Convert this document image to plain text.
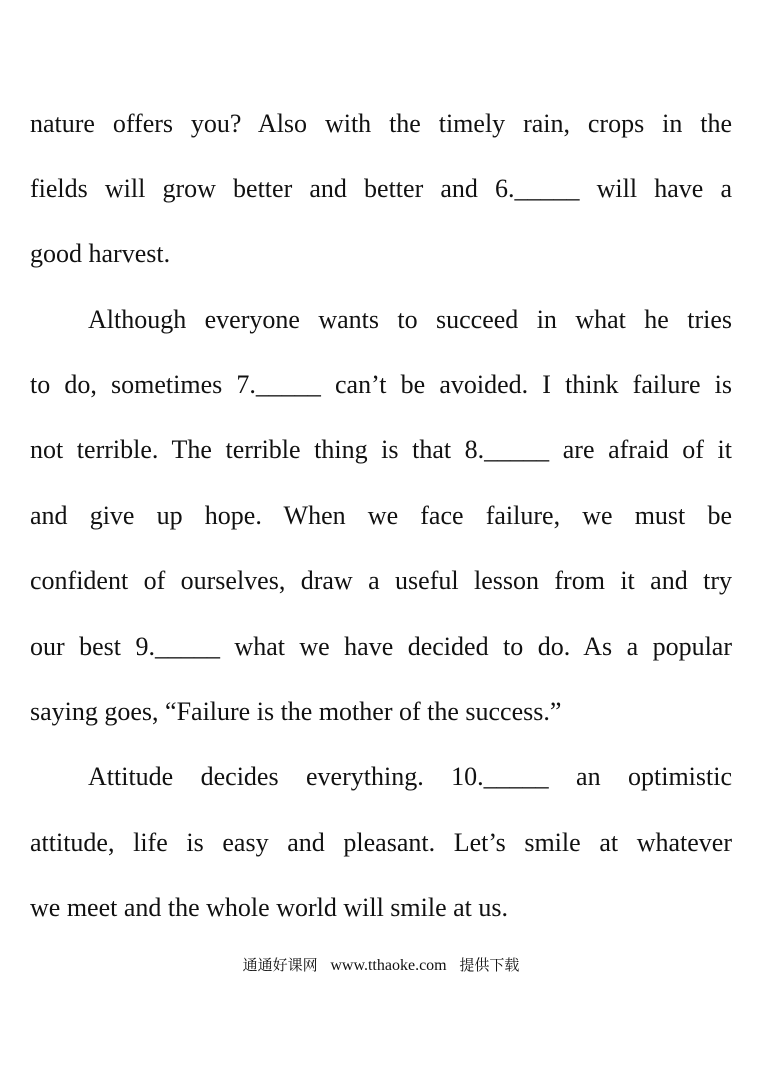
nature offers you? Also with the timely rain, crops in the

fields will grow better and better and 6._____ will have a

good harvest.

Although everyone wants to succeed in what he tries

to do, sometimes 7._____ can’t be avoided. I think failure is

not terrible. The terrible thing is that 8._____ are afraid of it

and give up hope. When we face failure, we must be

confident of ourselves, draw a useful lesson from it and try

our best 9._____ what we have decided to do. As a popular

saying goes, “Failure is the mother of the success.”

Attitude decides everything. 10._____ an optimistic

attitude, life is easy and pleasant. Let’s smile at whatever

we meet and the whole world will smile at us.

通通好课网 www.tthaoke.com 提供下载
